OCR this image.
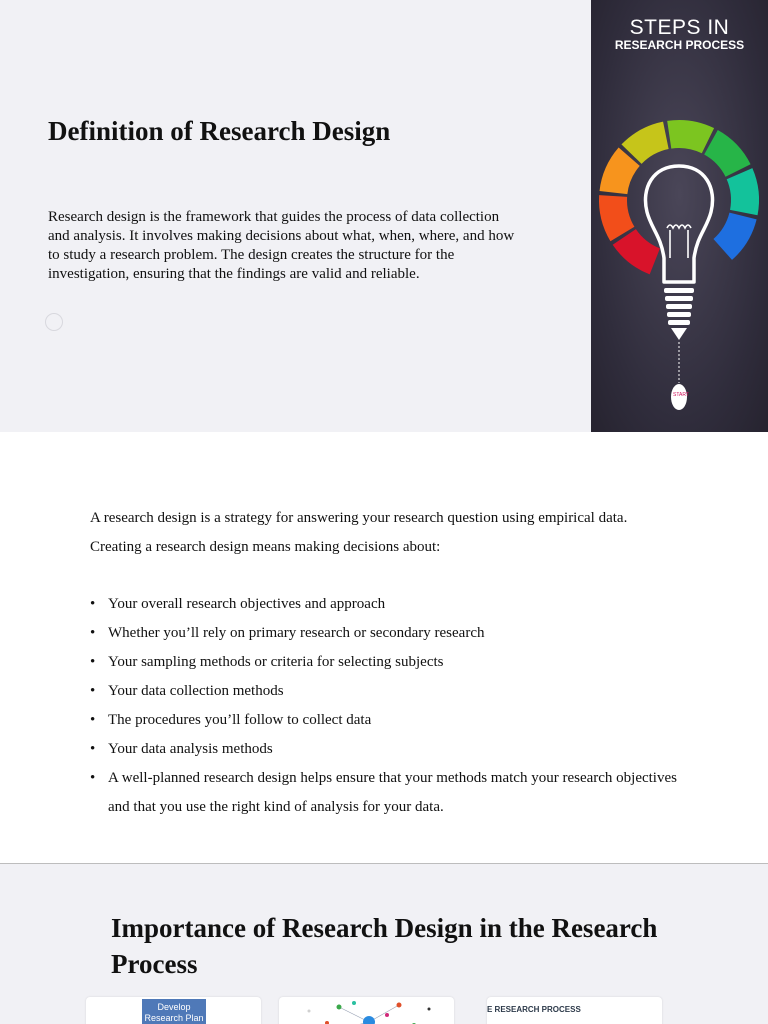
Definition of Research Design

Research design is the framework that guides the process of data collection and analysis. It involves making decisions about what, when, where, and how to study a research problem. The design creates the structure for the investigation, ensuring that the findings are valid and reliable.

STEPS IN
RESEARCH PROCESS
START
A research design is a strategy for answering your research question using empirical data.
Creating a research design means making decisions about:
• Your overall research objectives and approach
• Whether you’ll rely on primary research or secondary research
• Your sampling methods or criteria for selecting subjects
• Your data collection methods
• The procedures you’ll follow to collect data
• Your data analysis methods
• A well-planned research design helps ensure that your methods match your research objectives and that you use the right kind of analysis for your data.
Importance of Research Design in the Research Process
Develop Research Plan
E RESEARCH PROCESS
